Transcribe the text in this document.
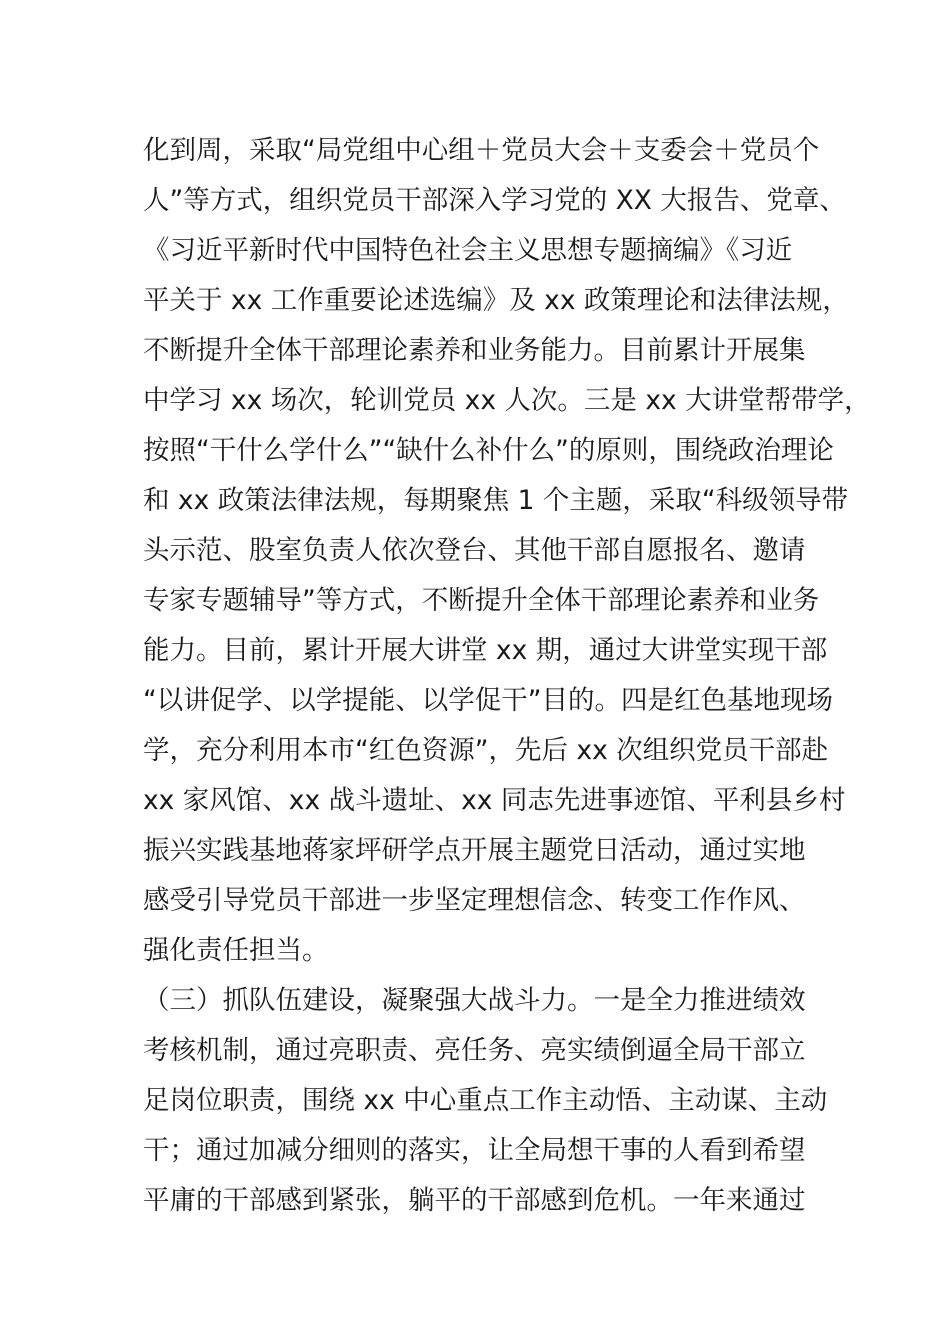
化到周，采取“局党组中心组＋党员大会＋支委会＋党员个
人”等方式，组织党员干部深入学习党的 XX 大报告、党章、
《习近平新时代中国特色社会主义思想专题摘编》《习近
平关于 xx 工作重要论述选编》及 xx 政策理论和法律法规，
不断提升全体干部理论素养和业务能力。目前累计开展集
中学习 xx 场次，轮训党员 xx 人次。三是 xx 大讲堂帮带学，
按照“干什么学什么”“缺什么补什么”的原则，围绕政治理论
和 xx 政策法律法规，每期聚焦 1 个主题，采取“科级领导带
头示范、股室负责人依次登台、其他干部自愿报名、邀请
专家专题辅导”等方式，不断提升全体干部理论素养和业务
能力。目前，累计开展大讲堂 xx 期，通过大讲堂实现干部
“以讲促学、以学提能、以学促干”目的。四是红色基地现场
学，充分利用本市“红色资源”，先后 xx 次组织党员干部赴
xx 家风馆、xx 战斗遗址、xx 同志先进事迹馆、平利县乡村
振兴实践基地蒋家坪研学点开展主题党日活动，通过实地
感受引导党员干部进一步坚定理想信念、转变工作作风、
强化责任担当。
（三）抓队伍建设，凝聚强大战斗力。一是全力推进绩效
考核机制，通过亮职责、亮任务、亮实绩倒逼全局干部立
足岗位职责，围绕 xx 中心重点工作主动悟、主动谋、主动
干；通过加减分细则的落实，让全局想干事的人看到希望
平庸的干部感到紧张，躺平的干部感到危机。一年来通过
